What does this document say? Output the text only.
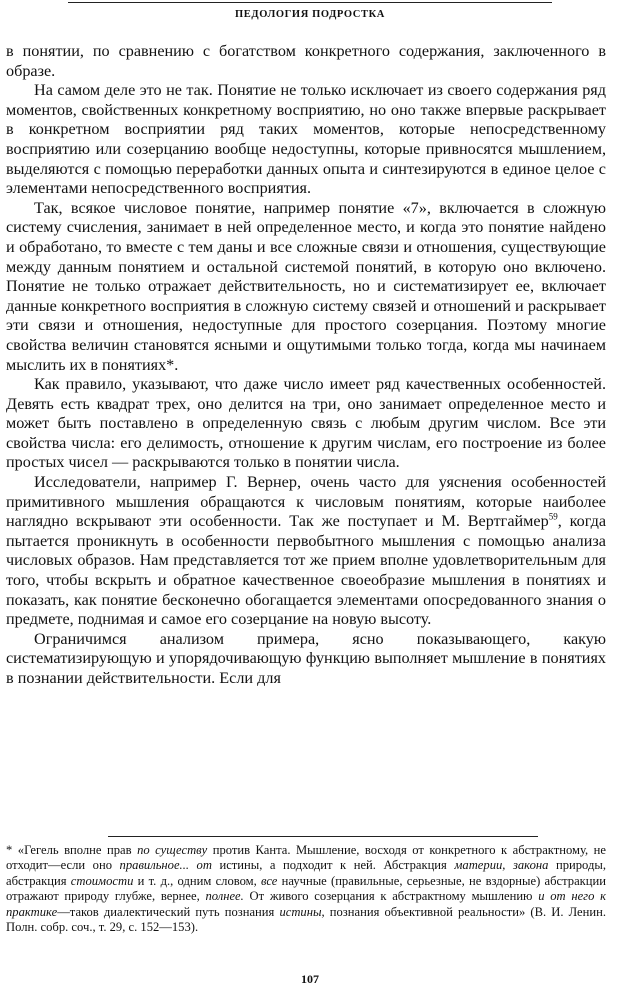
ПЕДОЛОГИЯ ПОДРОСТКА

в понятии, по сравнению с богатством конкретного содержания, заключенного в образе.

На самом деле это не так. Понятие не только исключает из своего содержания ряд моментов, свойственных конкретному восприятию, но оно также впервые раскрывает в конкретном восприятии ряд таких моментов, которые непосредственному восприятию или созерцанию вообще недоступны, которые привносятся мышлением, выделяются с помощью переработки данных опыта и синтезируются в единое целое с элементами непосредственного восприятия.

Так, всякое числовое понятие, например понятие «7», включается в сложную систему счисления, занимает в ней определенное место, и когда это понятие найдено и обработано, то вместе с тем даны и все сложные связи и отношения, существующие между данным понятием и остальной системой понятий, в которую оно включено. Понятие не только отражает действительность, но и систематизирует ее, включает данные конкретного восприятия в сложную систему связей и отношений и раскрывает эти связи и отношения, недоступные для простого созерцания. Поэтому многие свойства величин становятся ясными и ощутимыми только тогда, когда мы начинаем мыслить их в понятиях*.

Как правило, указывают, что даже число имеет ряд качественных особенностей. Девять есть квадрат трех, оно делится на три, оно занимает определенное место и может быть поставлено в определенную связь с любым другим числом. Все эти свойства числа: его делимость, отношение к другим числам, его построение из более простых чисел — раскрываются только в понятии числа.

Исследователи, например Г. Вернер, очень часто для уяснения особенностей примитивного мышления обращаются к числовым понятиям, которые наиболее наглядно вскрывают эти особенности. Так же поступает и М. Вертгаймер$^{59}$, когда пытается проникнуть в особенности первобытного мышления с помощью анализа числовых образов. Нам представляется тот же прием вполне удовлетворительным для того, чтобы вскрыть и обратное качественное своеобразие мышления в понятиях и показать, как понятие бесконечно обогащается элементами опосредованного знания о предмете, поднимая и самое его созерцание на новую высоту.

Ограничимся анализом примера, ясно показывающего, какую систематизирующую и упорядочивающую функцию выполняет мышление в понятиях в познании действительности. Если для

* «Гегель вполне прав по существу против Канта. Мышление, восходя от конкретного к абстрактному, не отходит—если оно правильное... от истины, а подходит к ней. Абстракция материи, закона природы, абстракция стоимости и т. д., одним словом, все научные (правильные, серьезные, не вздорные) абстракции отражают природу глубже, вернее, полнее. От живого созерцания к абстрактному мышлению и от него к практике—таков диалектический путь познания истины, познания объективной реальности» (В. И. Ленин. Полн. собр. соч., т. 29, с. 152—153).
107
